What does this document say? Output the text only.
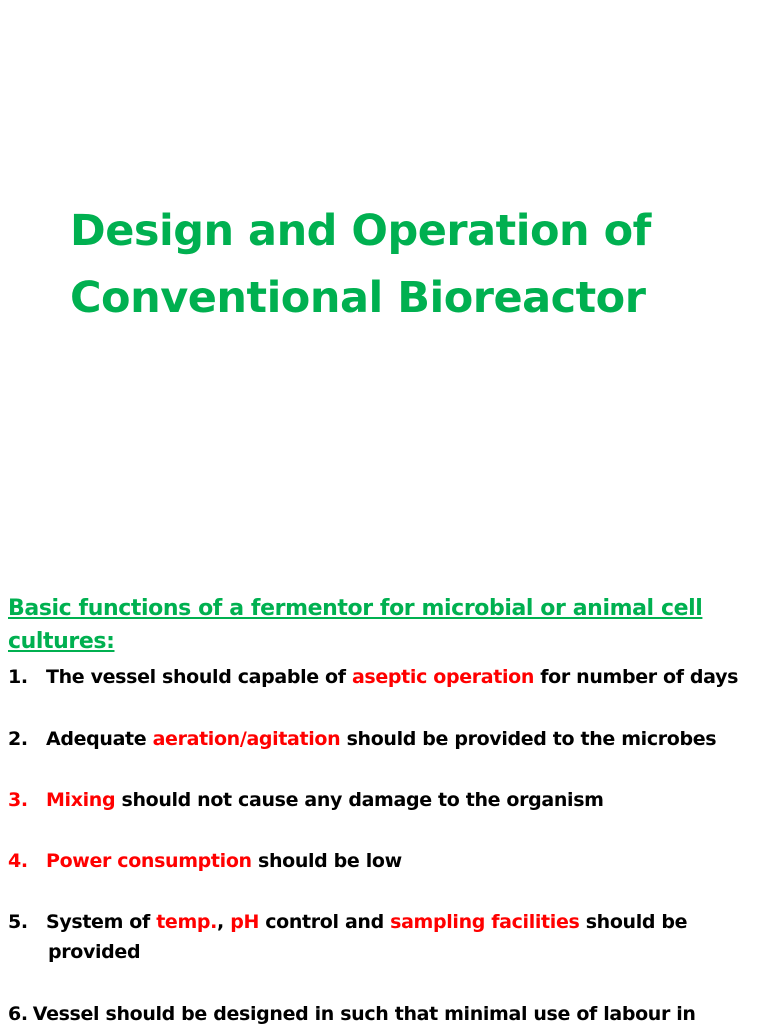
Design and Operation of Conventional Bioreactor
Basic functions of a fermentor for microbial or animal cell cultures:
1. The vessel should capable of aseptic operation for number of days
2. Adequate aeration/agitation should be provided to the microbes
3. Mixing should not cause any damage to the organism
4. Power consumption should be low
5. System of temp., pH control and sampling facilities should be
provided
6. Vessel should be designed in such that minimal use of labour in
